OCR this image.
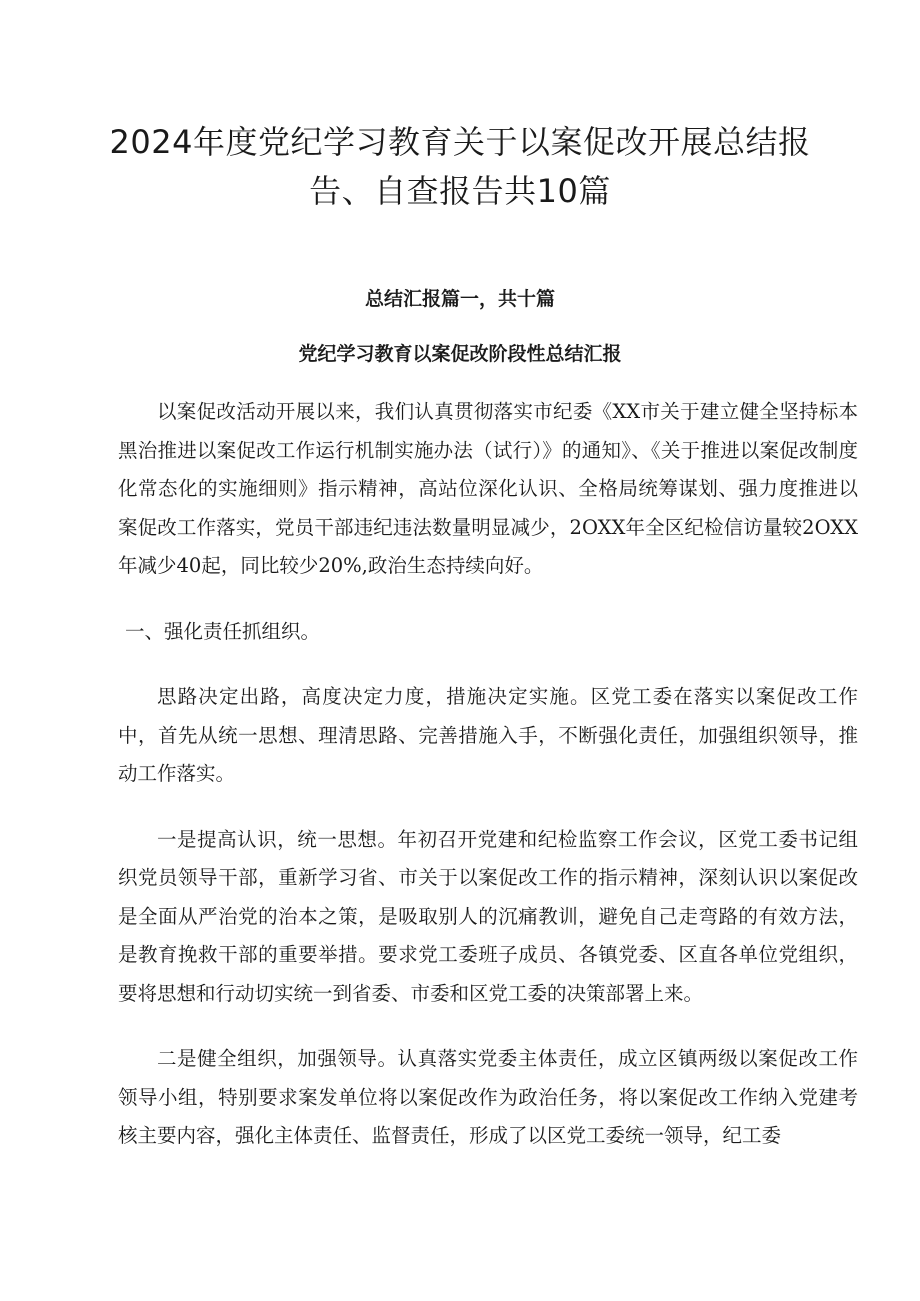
2024年度党纪学习教育关于以案促改开展总结报告、自查报告共10篇
总结汇报篇一，共十篇
党纪学习教育以案促改阶段性总结汇报

以案促改活动开展以来，我们认真贯彻落实市纪委《XX市关于建立健全坚持标本黑治推进以案促改工作运行机制实施办法（试行）》的通知》、《关于推进以案促改制度化常态化的实施细则》指示精神，高站位深化认识、全格局统筹谋划、强力度推进以案促改工作落实，党员干部违纪违法数量明显减少，2OXX年全区纪检信访量较2OXX年减少40起，同比较少20%,政治生态持续向好。

一、强化责任抓组织。

思路决定出路，高度决定力度，措施决定实施。区党工委在落实以案促改工作中，首先从统一思想、理清思路、完善措施入手，不断强化责任，加强组织领导，推动工作落实。

一是提高认识，统一思想。年初召开党建和纪检监察工作会议，区党工委书记组织党员领导干部，重新学习省、市关于以案促改工作的指示精神，深刻认识以案促改是全面从严治党的治本之策，是吸取别人的沉痛教训，避免自己走弯路的有效方法，是教育挽救干部的重要举措。要求党工委班子成员、各镇党委、区直各单位党组织，要将思想和行动切实统一到省委、市委和区党工委的决策部署上来。

二是健全组织，加强领导。认真落实党委主体责任，成立区镇两级以案促改工作领导小组，特别要求案发单位将以案促改作为政治任务，将以案促改工作纳入党建考核主要内容，强化主体责任、监督责任，形成了以区党工委统一领导，纪工委
